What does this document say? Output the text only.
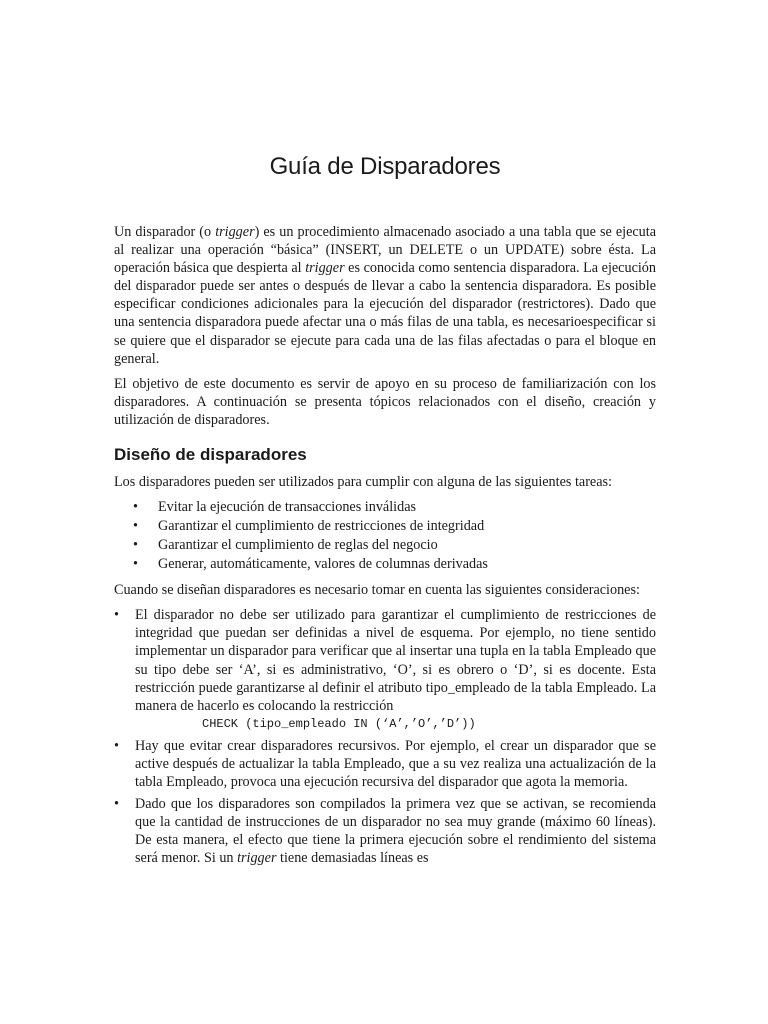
Guía de Disparadores

Un disparador (o trigger) es un procedimiento almacenado asociado a una tabla que se ejecuta al realizar una operación “básica” (INSERT, un DELETE o un UPDATE) sobre ésta. La operación básica que despierta al trigger es conocida como sentencia disparadora. La ejecución del disparador puede ser antes o después de llevar a cabo la sentencia disparadora. Es posible especificar condiciones adicionales para la ejecución del disparador (restrictores). Dado que una sentencia disparadora puede afectar una o más filas de una tabla, es necesarioespecificar si se quiere que el disparador se ejecute para cada una de las filas afectadas o para el bloque en general.

El objetivo de este documento es servir de apoyo en su proceso de familiarización con los disparadores. A continuación se presenta tópicos relacionados con el diseño, creación y utilización de disparadores.

Diseño de disparadores

Los disparadores pueden ser utilizados para cumplir con alguna de las siguientes tareas:

• Evitar la ejecución de transacciones inválidas
• Garantizar el cumplimiento de restricciones de integridad
• Garantizar el cumplimiento de reglas del negocio
• Generar, automáticamente, valores de columnas derivadas

Cuando se diseñan disparadores es necesario tomar en cuenta las siguientes consideraciones:

• El disparador no debe ser utilizado para garantizar el cumplimiento de restricciones de integridad que puedan ser definidas a nivel de esquema. Por ejemplo, no tiene sentido implementar un disparador para verificar que al insertar una tupla en la tabla Empleado que su tipo debe ser ‘A’, si es administrativo, ‘O’, si es obrero o ‘D’, si es docente. Esta restricción puede garantizarse al definir el atributo tipo_empleado de la tabla Empleado. La manera de hacerlo es colocando la restricción
CHECK (tipo_empleado IN (‘A’,’O’,’D’))
• Hay que evitar crear disparadores recursivos. Por ejemplo, el crear un disparador que se active después de actualizar la tabla Empleado, que a su vez realiza una actualización de la tabla Empleado, provoca una ejecución recursiva del disparador que agota la memoria.
• Dado que los disparadores son compilados la primera vez que se activan, se recomienda que la cantidad de instrucciones de un disparador no sea muy grande (máximo 60 líneas). De esta manera, el efecto que tiene la primera ejecución sobre el rendimiento del sistema será menor. Si un trigger tiene demasiadas líneas es
